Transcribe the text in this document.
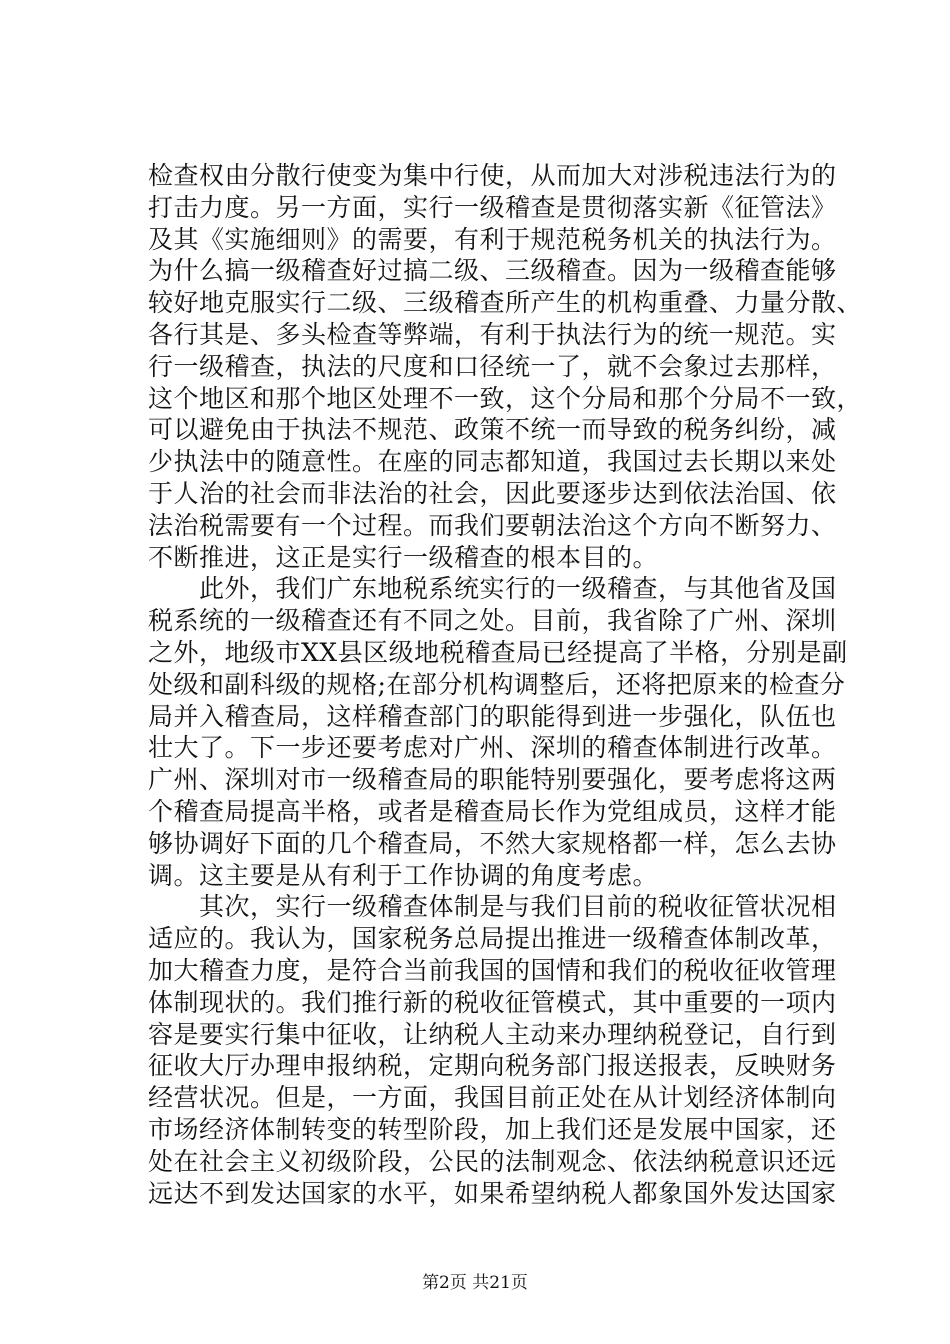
检查权由分散行使变为集中行使，从而加大对涉税违法行为的
打击力度。另一方面，实行一级稽查是贯彻落实新《征管法》
及其《实施细则》的需要，有利于规范税务机关的执法行为。
为什么搞一级稽查好过搞二级、三级稽查。因为一级稽查能够
较好地克服实行二级、三级稽查所产生的机构重叠、力量分散、
各行其是、多头检查等弊端，有利于执法行为的统一规范。实
行一级稽查，执法的尺度和口径统一了，就不会象过去那样，
这个地区和那个地区处理不一致，这个分局和那个分局不一致，
可以避免由于执法不规范、政策不统一而导致的税务纠纷，减
少执法中的随意性。在座的同志都知道，我国过去长期以来处
于人治的社会而非法治的社会，因此要逐步达到依法治国、依
法治税需要有一个过程。而我们要朝法治这个方向不断努力、
不断推进，这正是实行一级稽查的根本目的。
　　此外，我们广东地税系统实行的一级稽查，与其他省及国
税系统的一级稽查还有不同之处。目前，我省除了广州、深圳
之外，地级市XX县区级地税稽查局已经提高了半格，分别是副
处级和副科级的规格;在部分机构调整后，还将把原来的检查分
局并入稽查局，这样稽查部门的职能得到进一步强化，队伍也
壮大了。下一步还要考虑对广州、深圳的稽查体制进行改革。
广州、深圳对市一级稽查局的职能特别要强化，要考虑将这两
个稽查局提高半格，或者是稽查局长作为党组成员，这样才能
够协调好下面的几个稽查局，不然大家规格都一样，怎么去协
调。这主要是从有利于工作协调的角度考虑。
　　其次，实行一级稽查体制是与我们目前的税收征管状况相
适应的。我认为，国家税务总局提出推进一级稽查体制改革，
加大稽查力度，是符合当前我国的国情和我们的税收征收管理
体制现状的。我们推行新的税收征管模式，其中重要的一项内
容是要实行集中征收，让纳税人主动来办理纳税登记，自行到
征收大厅办理申报纳税，定期向税务部门报送报表，反映财务
经营状况。但是，一方面，我国目前正处在从计划经济体制向
市场经济体制转变的转型阶段，加上我们还是发展中国家，还
处在社会主义初级阶段，公民的法制观念、依法纳税意识还远
远达不到发达国家的水平，如果希望纳税人都象国外发达国家
第2页 共21页
